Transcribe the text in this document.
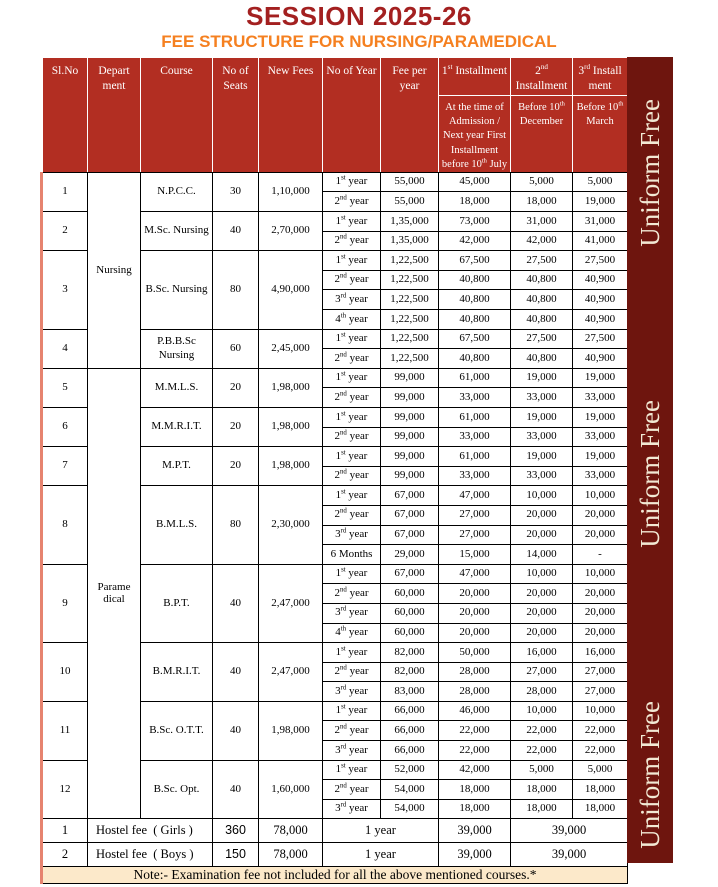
SESSION 2025-26
FEE STRUCTURE FOR NURSING/PARAMEDICAL
Sl.No	Depart ment	Course	No of Seats	New Fees	No of Year	Fee per year	1st Installment	2nd Installment	3rd Install ment
							At the time of Admission / Next year First Installment before 10th July	Before 10th December	Before 10th March
1	Nursing	N.P.C.C.	30	1,10,000	1st year	55,000	45,000	5,000	5,000
					2nd year	55,000	18,000	18,000	19,000
2		M.Sc. Nursing	40	2,70,000	1st year	1,35,000	73,000	31,000	31,000
					2nd year	1,35,000	42,000	42,000	41,000
3		B.Sc. Nursing	80	4,90,000	1st year	1,22,500	67,500	27,500	27,500
					2nd year	1,22,500	40,800	40,800	40,900
					3rd year	1,22,500	40,800	40,800	40,900
					4th year	1,22,500	40,800	40,800	40,900
4		P.B.B.Sc Nursing	60	2,45,000	1st year	1,22,500	67,500	27,500	27,500
					2nd year	1,22,500	40,800	40,800	40,900
5	Parame dical	M.M.L.S.	20	1,98,000	1st year	99,000	61,000	19,000	19,000
					2nd year	99,000	33,000	33,000	33,000
6		M.M.R.I.T.	20	1,98,000	1st year	99,000	61,000	19,000	19,000
					2nd year	99,000	33,000	33,000	33,000
7		M.P.T.	20	1,98,000	1st year	99,000	61,000	19,000	19,000
					2nd year	99,000	33,000	33,000	33,000
8		B.M.L.S.	80	2,30,000	1st year	67,000	47,000	10,000	10,000
					2nd year	67,000	27,000	20,000	20,000
					3rd year	67,000	27,000	20,000	20,000
					6 Months	29,000	15,000	14,000	-
9		B.P.T.	40	2,47,000	1st year	67,000	47,000	10,000	10,000
					2nd year	60,000	20,000	20,000	20,000
					3rd year	60,000	20,000	20,000	20,000
					4th year	60,000	20,000	20,000	20,000
10		B.M.R.I.T.	40	2,47,000	1st year	82,000	50,000	16,000	16,000
					2nd year	82,000	28,000	27,000	27,000
					3rd year	83,000	28,000	28,000	27,000
11		B.Sc. O.T.T.	40	1,98,000	1st year	66,000	46,000	10,000	10,000
					2nd year	66,000	22,000	22,000	22,000
					3rd year	66,000	22,000	22,000	22,000
12		B.Sc. Opt.	40	1,60,000	1st year	52,000	42,000	5,000	5,000
					2nd year	54,000	18,000	18,000	18,000
					3rd year	54,000	18,000	18,000	18,000
1	Hostel fee  ( Girls )		360	78,000	1 year		39,000	39,000	
2	Hostel fee  ( Boys )		150	78,000	1 year		39,000	39,000	
Note:- Examination fee not included for all the above mentioned courses.*									
Uniform Free
Uniform Free
Uniform Free
